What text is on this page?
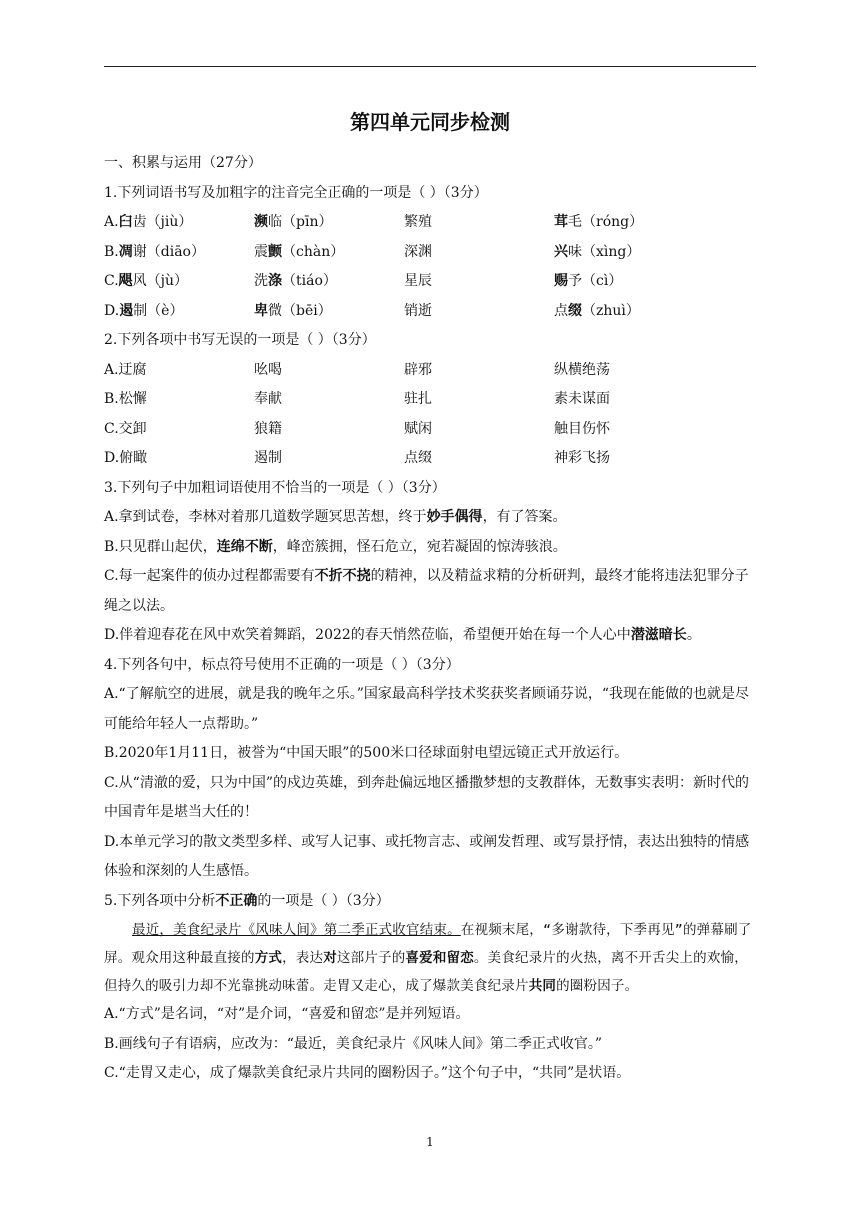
第四单元同步检测
一、积累与运用（27分）
1.下列词语书写及加粗字的注音完全正确的一项是（ ）（3分）
A.臼齿（jiù）	濒临（pīn）	繁殖	茸毛（róng）
B.凋谢（diāo）	震颤（chàn）	深渊	兴味（xìng）
C.飓风（jù）	洗涤（tiáo）	星辰	赐予（cì）
D.遏制（è）	卑微（bēi）	销逝	点缀（zhuì）
2.下列各项中书写无误的一项是（ ）（3分）
A.迂腐	吆喝	辟邪	纵横绝荡
B.松懈	奉献	驻扎	素未谋面
C.交卸	狼籍	赋闲	触目伤怀
D.俯瞰	遏制	点缀	神彩飞扬
3.下列句子中加粗词语使用不恰当的一项是（ ）（3分）
A.拿到试卷，李林对着那几道数学题冥思苦想，终于妙手偶得，有了答案。
B.只见群山起伏，连绵不断，峰峦簇拥，怪石危立，宛若凝固的惊涛骇浪。
C.每一起案件的侦办过程都需要有不折不挠的精神，以及精益求精的分析研判，最终才能将违法犯罪分子绳之以法。
D.伴着迎春花在风中欢笑着舞蹈，2022的春天悄然莅临，希望便开始在每一个人心中潜滋暗长。
4.下列各句中，标点符号使用不正确的一项是（ ）（3分）
A.“了解航空的进展，就是我的晚年之乐。”国家最高科学技术奖获奖者顾诵芬说，“我现在能做的也就是尽可能给年轻人一点帮助。”
B.2020年1月11日，被誉为“中国天眼”的500米口径球面射电望远镜正式开放运行。
C.从“清澈的爱，只为中国”的戍边英雄，到奔赴偏远地区播撒梦想的支教群体，无数事实表明：新时代的中国青年是堪当大任的！
D.本单元学习的散文类型多样、或写人记事、或托物言志、或阐发哲理、或写景抒情，表达出独特的情感体验和深刻的人生感悟。
5.下列各项中分析不正确的一项是（ ）（3分）
最近，美食纪录片《风味人间》第二季正式收官结束。在视频末尾，“多谢款待，下季再见”的弹幕刷了屏。观众用这种最直接的方式，表达对这部片子的喜爱和留恋。美食纪录片的火热，离不开舌尖上的欢愉，但持久的吸引力却不光靠挑动味蕾。走胃又走心，成了爆款美食纪录片共同的圈粉因子。
A.“方式”是名词，“对”是介词，“喜爱和留恋”是并列短语。
B.画线句子有语病，应改为：“最近，美食纪录片《风味人间》第二季正式收官。”
C.“走胃又走心，成了爆款美食纪录片共同的圈粉因子。”这个句子中，“共同”是状语。
1
